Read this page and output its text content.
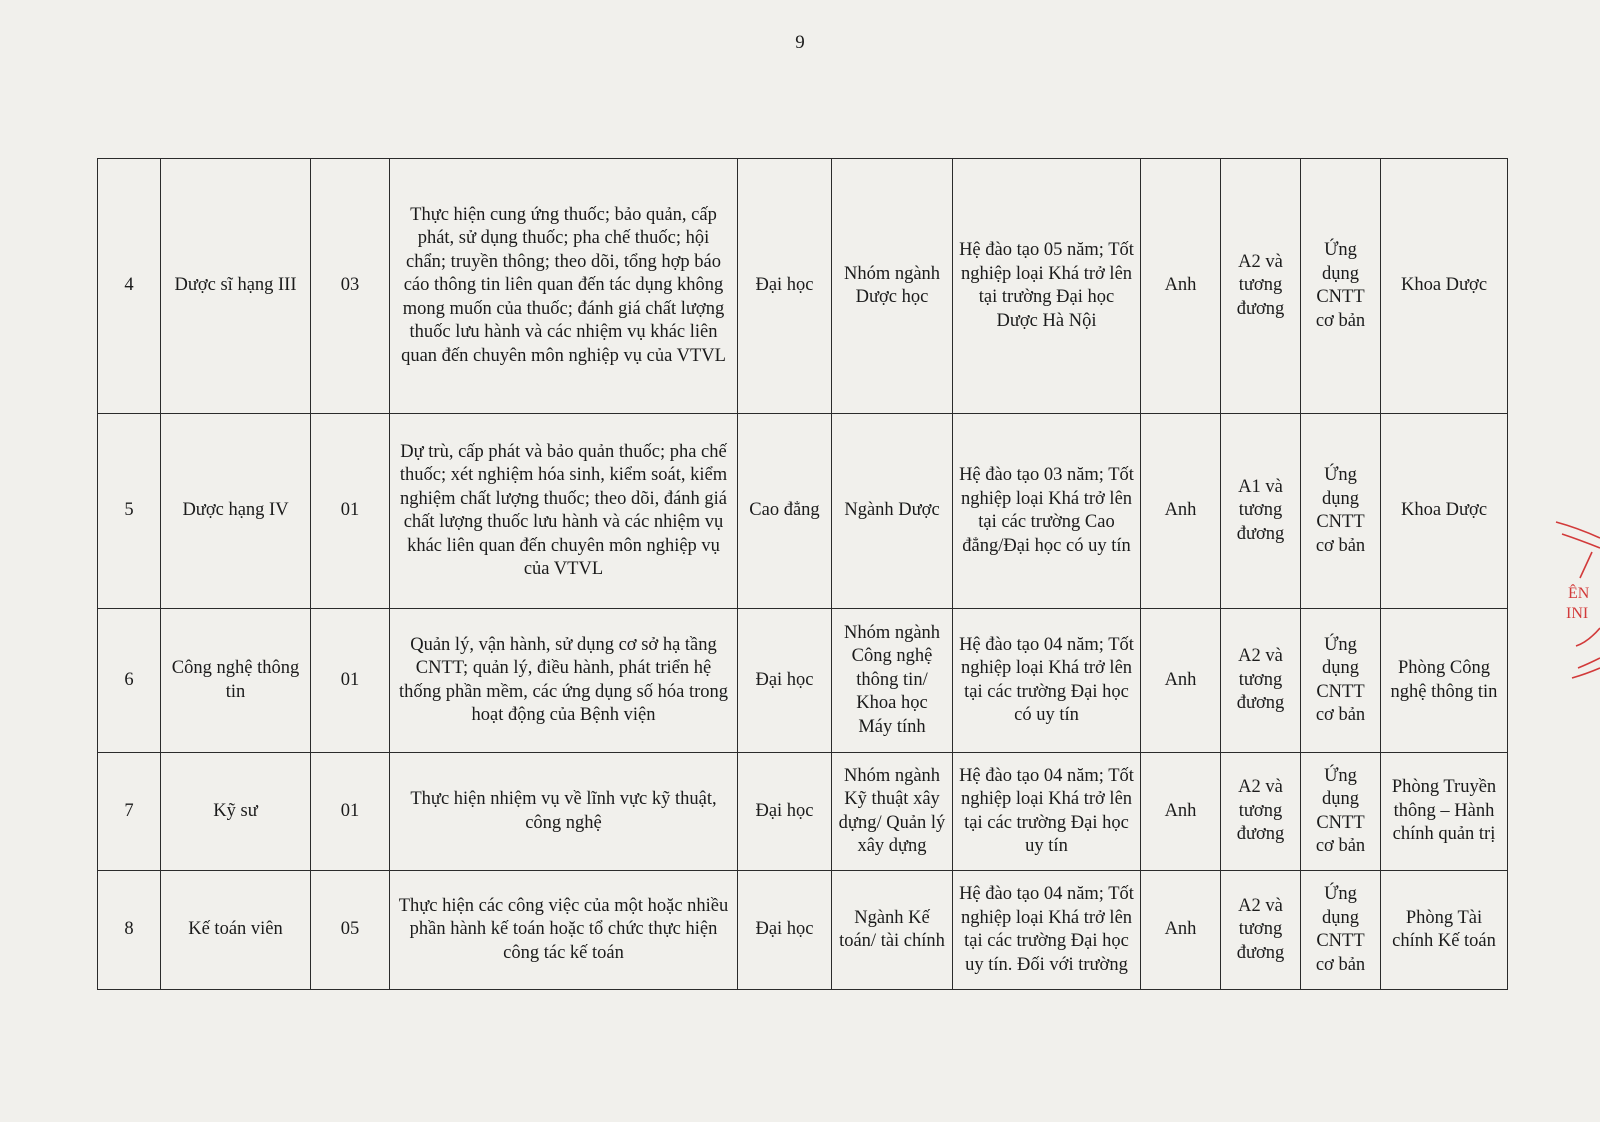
9
4	Dược sĩ hạng III	03	Thực hiện cung ứng thuốc; bảo quản, cấp phát, sử dụng thuốc; pha chế thuốc; hội chẩn; truyền thông; theo dõi, tổng hợp báo cáo thông tin liên quan đến tác dụng không mong muốn của thuốc; đánh giá chất lượng thuốc lưu hành và các nhiệm vụ khác liên quan đến chuyên môn nghiệp vụ của VTVL	Đại học	Nhóm ngành Dược học	Hệ đào tạo 05 năm; Tốt nghiệp loại Khá trở lên tại trường Đại học Dược Hà Nội	Anh	A2 và tương đương	Ứng dụng CNTT cơ bản	Khoa Dược
5	Dược hạng IV	01	Dự trù, cấp phát và bảo quản thuốc; pha chế thuốc; xét nghiệm hóa sinh, kiểm soát, kiểm nghiệm chất lượng thuốc; theo dõi, đánh giá chất lượng thuốc lưu hành và các nhiệm vụ khác liên quan đến chuyên môn nghiệp vụ của VTVL	Cao đẳng	Ngành Dược	Hệ đào tạo 03 năm; Tốt nghiệp loại Khá trở lên tại các trường Cao đẳng/Đại học có uy tín	Anh	A1 và tương đương	Ứng dụng CNTT cơ bản	Khoa Dược
6	Công nghệ thông tin	01	Quản lý, vận hành, sử dụng cơ sở hạ tầng CNTT; quản lý, điều hành, phát triển hệ thống phần mềm, các ứng dụng số hóa trong hoạt động của Bệnh viện	Đại học	Nhóm ngành Công nghệ thông tin/ Khoa học Máy tính	Hệ đào tạo 04 năm; Tốt nghiệp loại Khá trở lên tại các trường Đại học có uy tín	Anh	A2 và tương đương	Ứng dụng CNTT cơ bản	Phòng Công nghệ thông tin
7	Kỹ sư	01	Thực hiện nhiệm vụ về lĩnh vực kỹ thuật, công nghệ	Đại học	Nhóm ngành Kỹ thuật xây dựng/ Quản lý xây dựng	Hệ đào tạo 04 năm; Tốt nghiệp loại Khá trở lên tại các trường Đại học uy tín	Anh	A2 và tương đương	Ứng dụng CNTT cơ bản	Phòng Truyền thông – Hành chính quản trị
8	Kế toán viên	05	Thực hiện các công việc của một hoặc nhiều phần hành kế toán hoặc tổ chức thực hiện công tác kế toán	Đại học	Ngành Kế toán/ tài chính	Hệ đào tạo 04 năm; Tốt nghiệp loại Khá trở lên tại các trường Đại học uy tín. Đối với trường	Anh	A2 và tương đương	Ứng dụng CNTT cơ bản	Phòng Tài chính Kế toán
ÊN
INI
